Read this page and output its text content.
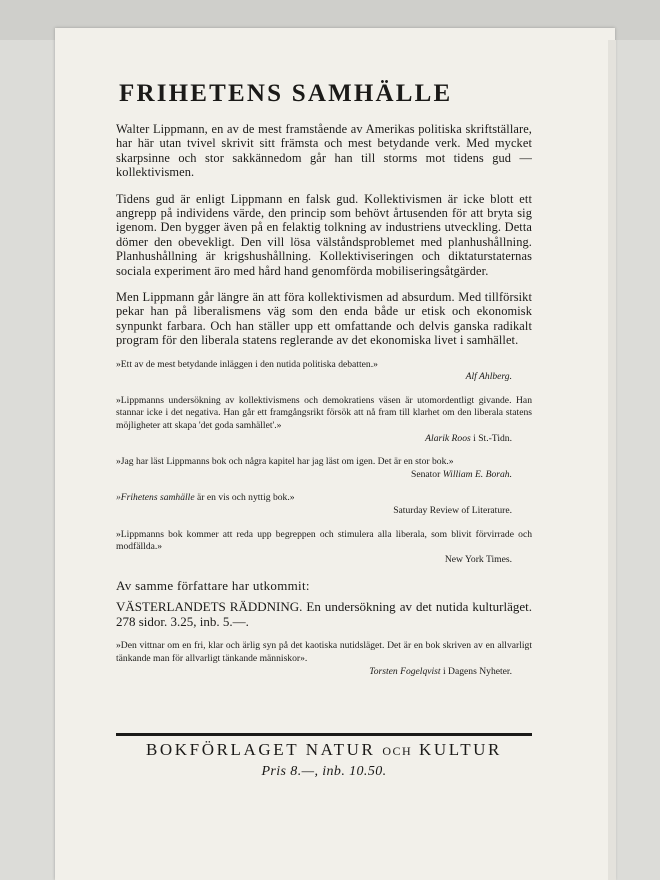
FRIHETENS SAMHÄLLE

Walter Lippmann, en av de mest framstående av Amerikas politiska skriftställare, har här utan tvivel skrivit sitt främsta och mest betydande verk. Med mycket skarpsinne och stor sakkännedom går han till storms mot tidens gud — kollektivismen.

Tidens gud är enligt Lippmann en falsk gud. Kollektivismen är icke blott ett angrepp på individens värde, den princip som behövt årtusenden för att bryta sig igenom. Den bygger även på en felaktig tolkning av industriens utveckling. Detta dömer den obevekligt. Den vill lösa välståndsproblemet med planhushållning. Planhushållning är krigshushållning. Kollektiviseringen och diktaturstaternas sociala experiment äro med hård hand genomförda mobiliseringsåtgärder.

Men Lippmann går längre än att föra kollektivismen ad absurdum. Med tillförsikt pekar han på liberalismens väg som den enda både ur etisk och ekonomisk synpunkt farbara. Och han ställer upp ett omfattande och delvis ganska radikalt program för den liberala statens reglerande av det ekonomiska livet i samhället.

»Ett av de mest betydande inläggen i den nutida politiska debatten.»
Alf Ahlberg.
»Lippmanns undersökning av kollektivismens och demokratiens väsen är utomordentligt givande. Han stannar icke i det negativa. Han går ett framgångsrikt försök att nå fram till klarhet om den liberala statens möjligheter att skapa 'det goda samhället'.»
Alarik Roos i St.-Tidn.
»Jag har läst Lippmanns bok och några kapitel har jag läst om igen. Det är en stor bok.»
Senator William E. Borah.
»Frihetens samhälle är en vis och nyttig bok.»
Saturday Review of Literature.
»Lippmanns bok kommer att reda upp begreppen och stimulera alla liberala, som blivit förvirrade och modfällda.»
New York Times.
Av samme författare har utkommit:
VÄSTERLANDETS RÄDDNING. En undersökning av det nutida kulturläget. 278 sidor. 3.25, inb. 5.—.
»Den vittnar om en fri, klar och ärlig syn på det kaotiska nutidsläget. Det är en bok skriven av en allvarligt tänkande man för allvarligt tänkande människor».
Torsten Fogelqvist i Dagens Nyheter.
BOKFÖRLAGET NATUR OCH KULTUR
Pris 8.—, inb. 10.50.
